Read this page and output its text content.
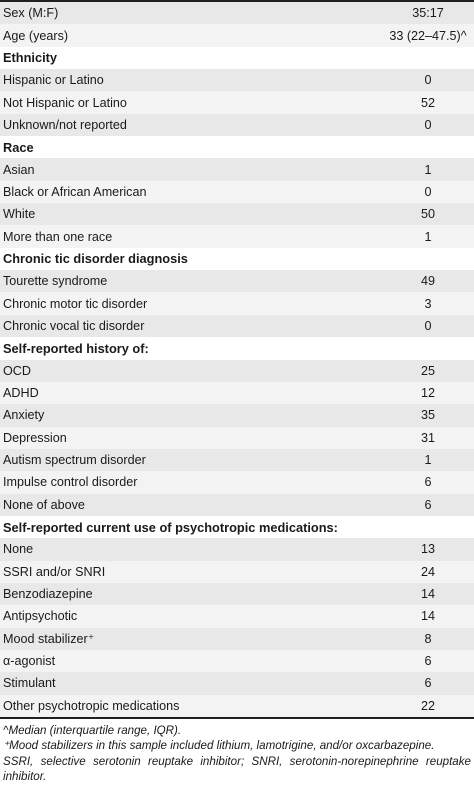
Sex (M:F)	35:17
Age (years)	33 (22–47.5)^
Ethnicity
Hispanic or Latino	0
Not Hispanic or Latino	52
Unknown/not reported	0
Race
Asian	1
Black or African American	0
White	50
More than one race	1
Chronic tic disorder diagnosis
Tourette syndrome	49
Chronic motor tic disorder	3
Chronic vocal tic disorder	0
Self-reported history of:
OCD	25
ADHD	12
Anxiety	35
Depression	31
Autism spectrum disorder	1
Impulse control disorder	6
None of above	6
Self-reported current use of psychotropic medications:
None	13
SSRI and/or SNRI	24
Benzodiazepine	14
Antipsychotic	14
Mood stabilizer⁺	8
α-agonist	6
Stimulant	6
Other psychotropic medications	22
^Median (interquartile range, IQR).
⁺Mood stabilizers in this sample included lithium, lamotrigine, and/or oxcarbazepine.
SSRI, selective serotonin reuptake inhibitor; SNRI, serotonin-norepinephrine reuptake inhibitor.
